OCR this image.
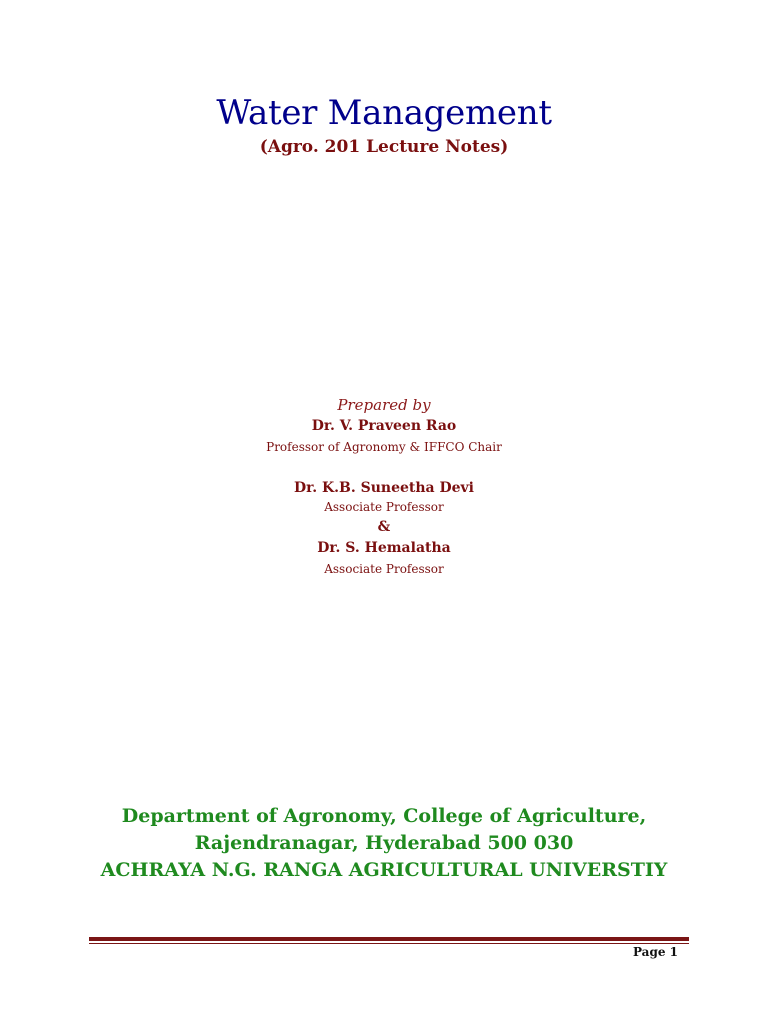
Water Management
(Agro. 201 Lecture Notes)
Prepared by
Dr. V. Praveen Rao
Professor of Agronomy & IFFCO Chair
Dr. K.B. Suneetha Devi
Associate Professor
&
Dr. S. Hemalatha
Associate Professor
Department of Agronomy, College of Agriculture,
Rajendranagar, Hyderabad 500 030
ACHRAYA N.G. RANGA AGRICULTURAL UNIVERSTIY
Page 1
